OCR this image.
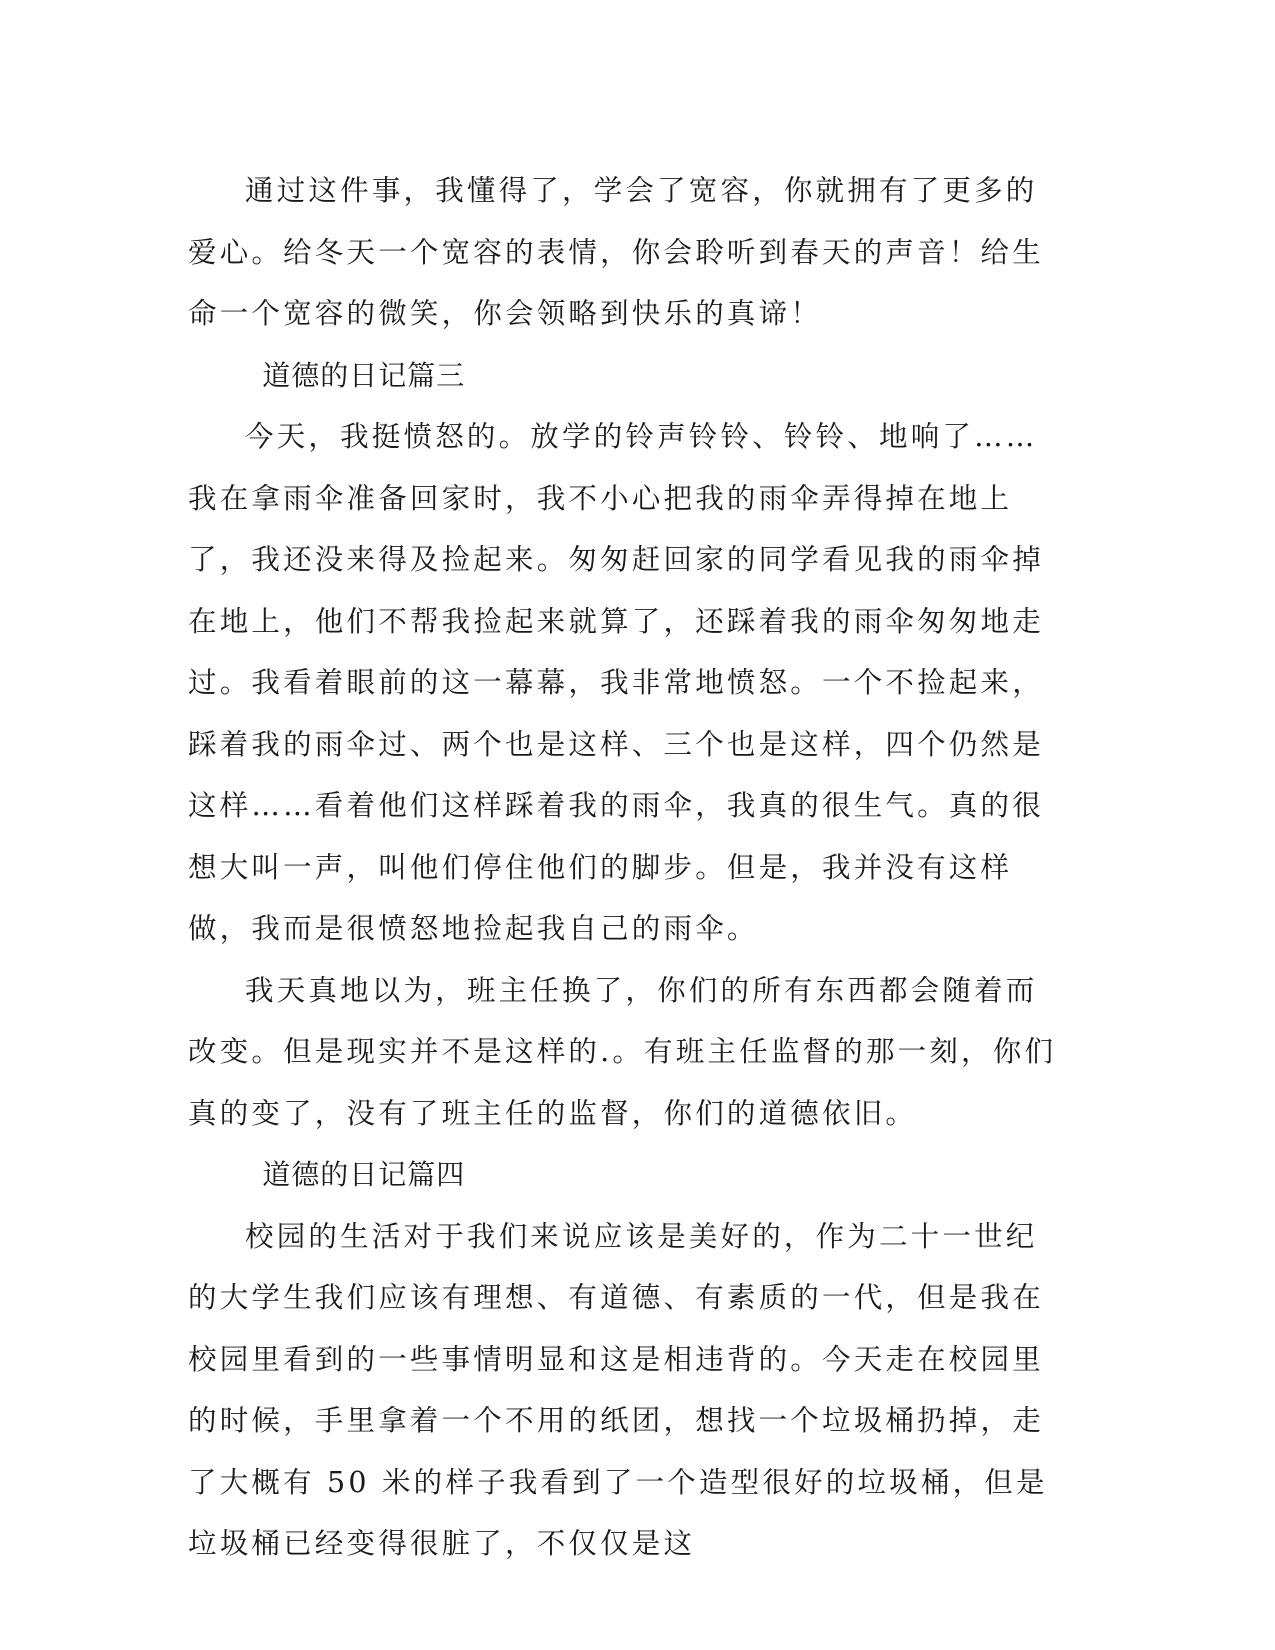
通过这件事，我懂得了，学会了宽容，你就拥有了更多的爱心。给冬天一个宽容的表情，你会聆听到春天的声音！给生命一个宽容的微笑，你会领略到快乐的真谛！

道德的日记篇三

今天，我挺愤怒的。放学的铃声铃铃、铃铃、地响了……我在拿雨伞准备回家时，我不小心把我的雨伞弄得掉在地上了，我还没来得及捡起来。匆匆赶回家的同学看见我的雨伞掉在地上，他们不帮我捡起来就算了，还踩着我的雨伞匆匆地走过。我看着眼前的这一幕幕，我非常地愤怒。一个不捡起来，踩着我的雨伞过、两个也是这样、三个也是这样，四个仍然是这样……看着他们这样踩着我的雨伞，我真的很生气。真的很想大叫一声，叫他们停住他们的脚步。但是，我并没有这样做，我而是很愤怒地捡起我自己的雨伞。

我天真地以为，班主任换了，你们的所有东西都会随着而改变。但是现实并不是这样的.。有班主任监督的那一刻，你们真的变了，没有了班主任的监督，你们的道德依旧。

道德的日记篇四

校园的生活对于我们来说应该是美好的，作为二十一世纪的大学生我们应该有理想、有道德、有素质的一代，但是我在校园里看到的一些事情明显和这是相违背的。今天走在校园里的时候，手里拿着一个不用的纸团，想找一个垃圾桶扔掉，走了大概有 50 米的样子我看到了一个造型很好的垃圾桶，但是垃圾桶已经变得很脏了，不仅仅是这
